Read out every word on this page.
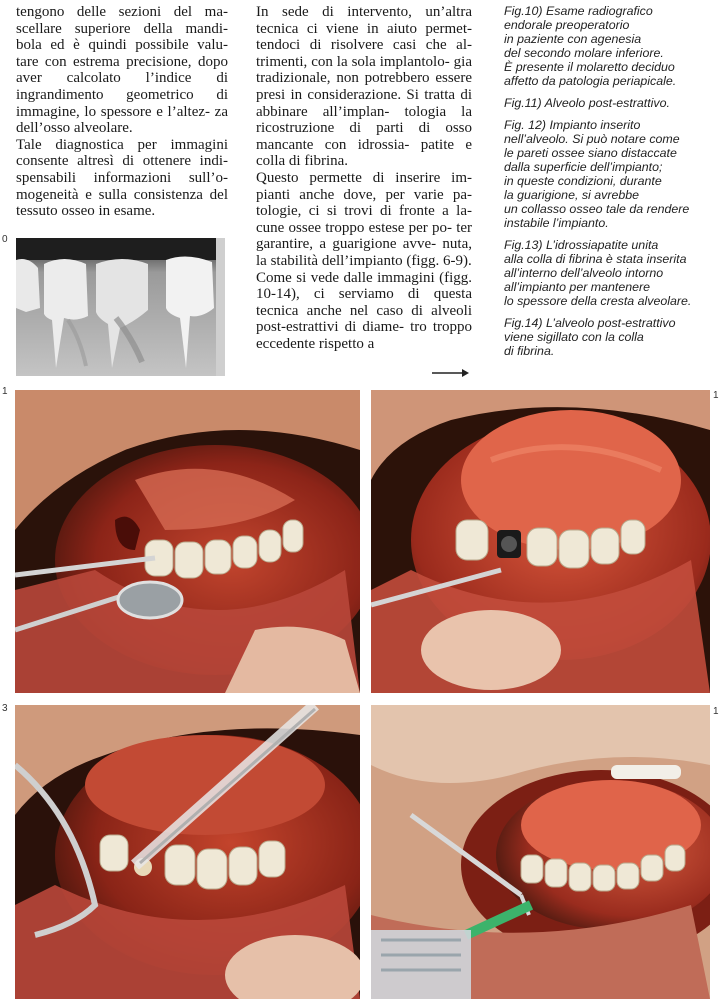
tengono delle sezioni del ma- scellare superiore della mandi- bola ed è quindi possibile valu- tare con estrema precisione, dopo aver calcolato l’indice di ingrandimento geometrico di immagine, lo spessore e l’altez- za dell’osso alveolare.

Tale diagnostica per immagini consente altresì di ottenere indi- spensabili informazioni sull’o- mogeneità e sulla consistenza del tessuto osseo in esame.

In sede di intervento, un’altra tecnica ci viene in aiuto permet- tendoci di risolvere casi che al- trimenti, con la sola implantolo- gia tradizionale, non potrebbero essere presi in considerazione. Si tratta di abbinare all’implan- tologia la ricostruzione di parti di osso mancante con idrossia- patite e colla di fibrina.

Questo permette di inserire im- pianti anche dove, per varie pa- tologie, ci si trovi di fronte a la- cune ossee troppo estese per po- ter garantire, a guarigione avve- nuta, la stabilità dell’impianto (figg. 6-9).

Come si vede dalle immagini (figg. 10-14), ci serviamo di questa tecnica anche nel caso di alveoli post-estrattivi di diame- tro troppo eccedente rispetto a

Fig.10) Esame radiografico
endorale preoperatorio
in paziente con agenesia
del secondo molare inferiore.
È presente il molaretto deciduo
affetto da patologia periapicale.

Fig.11) Alveolo post-estrattivo.

Fig. 12) Impianto inserito
nell’alveolo. Si può notare come
le pareti ossee siano distaccate
dalla superficie dell’impianto;
in queste condizioni, durante
la guarigione, si avrebbe
un collasso osseo tale da rendere
instabile l’impianto.

Fig.13) L’idrossiapatite unita
alla colla di fibrina è stata inserita
all’interno dell’alveolo intorno
all’impianto per mantenere
lo spessore della cresta alveolare.

Fig.14) L’alveolo post-estrattivo
viene sigillato con la colla
di fibrina.

0
1	1
3	1
